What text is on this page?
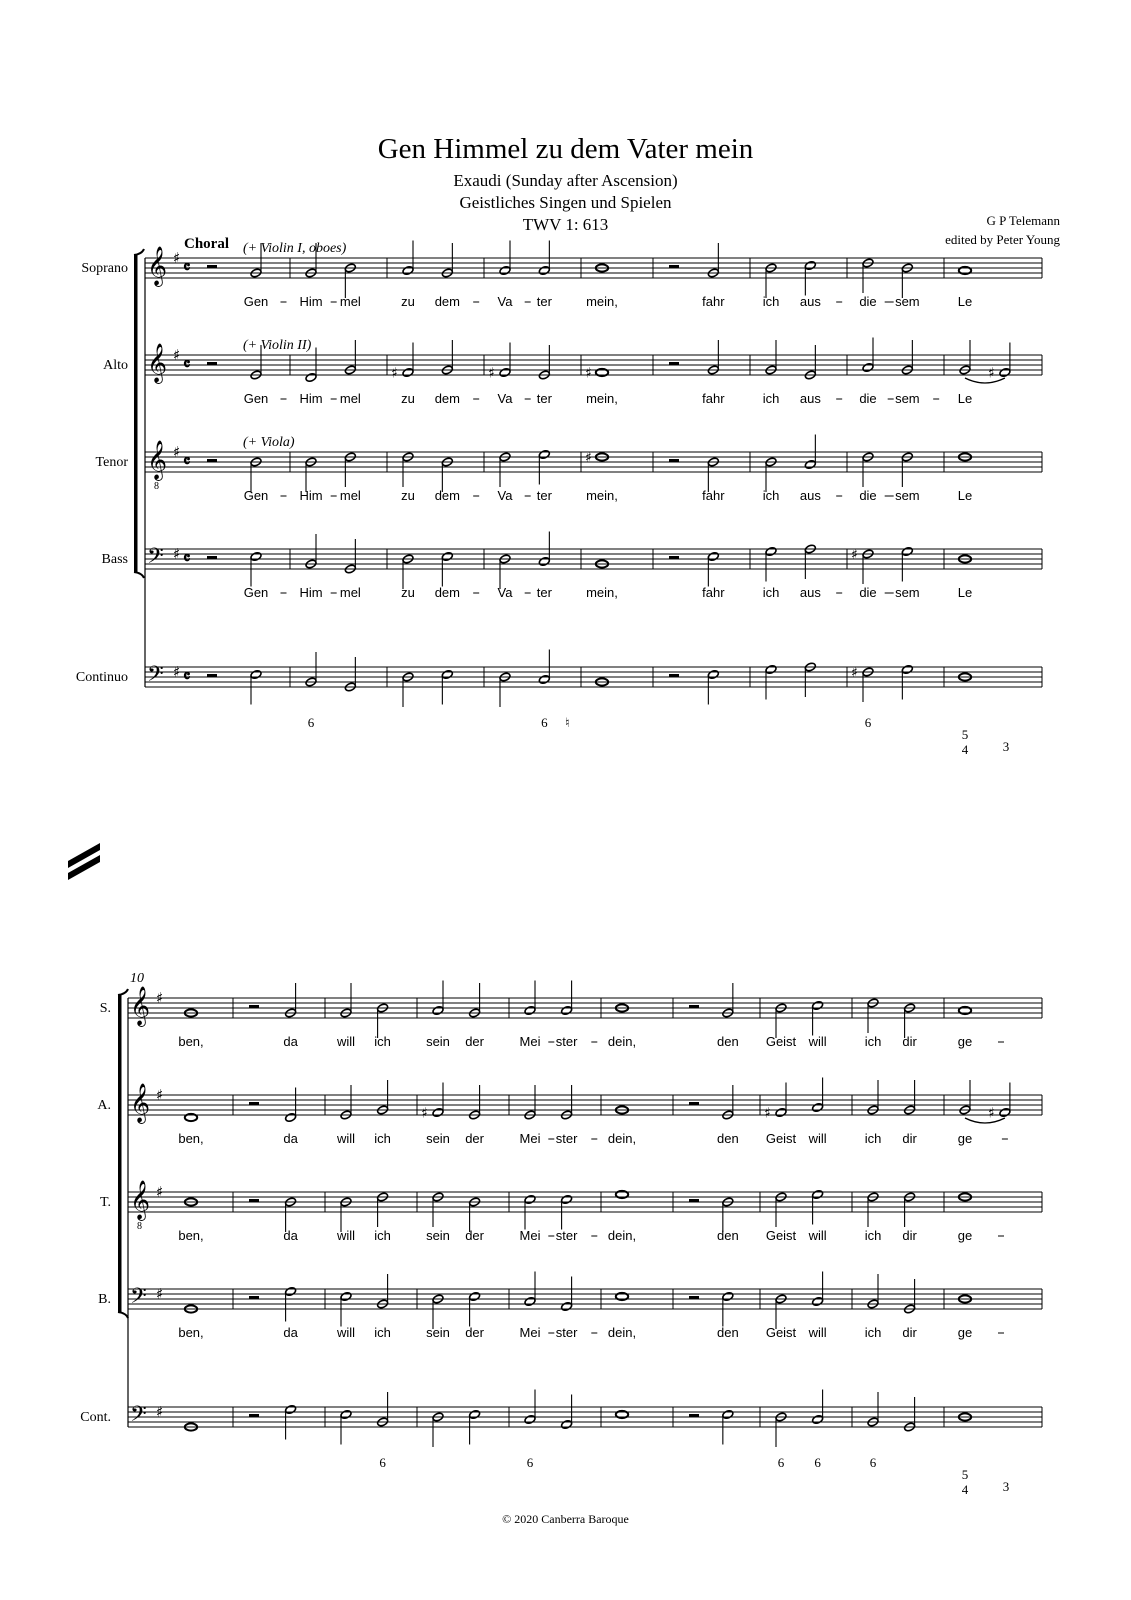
Gen Himmel zu dem Vater mein
Exaudi (Sunday after Ascension)
Geistliches Singen und Spielen
TWV 1: 613	G P Telemann
edited by Peter Young
© 2020 Canberra Baroque
Choral
Soprano 𝄞 ♯ 𝄴
(+ Violin I, oboes)
Gen Him mel	zu dem	Va ter	mein,	fahr	ich aus	die sem	Le
Alto 𝄞 ♯ 𝄴
(+ Violin II)
♯	♯	♯	♯
Gen Him mel	zu dem	Va ter	mein,	fahr	ich aus	die sem	Le
Tenor 𝄞
8
♯ 𝄴
(+ Viola)
♯
Gen Him mel	zu dem	Va ter	mein,	fahr	ich aus	die sem	Le
Bass 𝄢 ♯ 𝄴	♯
Gen Him mel	zu dem	Va ter	mein,	fahr	ich aus	die sem	Le
Continuo 𝄢 ♯ 𝄴	♯
6	6 ♮	6
5
4	3
10
S. 𝄞 ♯
ben,	da	will ich	sein der	Mei ster dein,	den Geist will	ich dir	ge
A. 𝄞 ♯
♯	♯	♯
ben,	da	will ich	sein der	Mei ster dein,	den Geist will	ich dir	ge
T. 𝄞
8
♯
ben,	da	will ich	sein der	Mei ster dein,	den Geist will	ich dir	ge
B. 𝄢 ♯
ben,	da	will ich	sein der	Mei ster dein,	den Geist will	ich dir	ge
Cont. 𝄢 ♯
6	6	6 6	6
5
4	3
